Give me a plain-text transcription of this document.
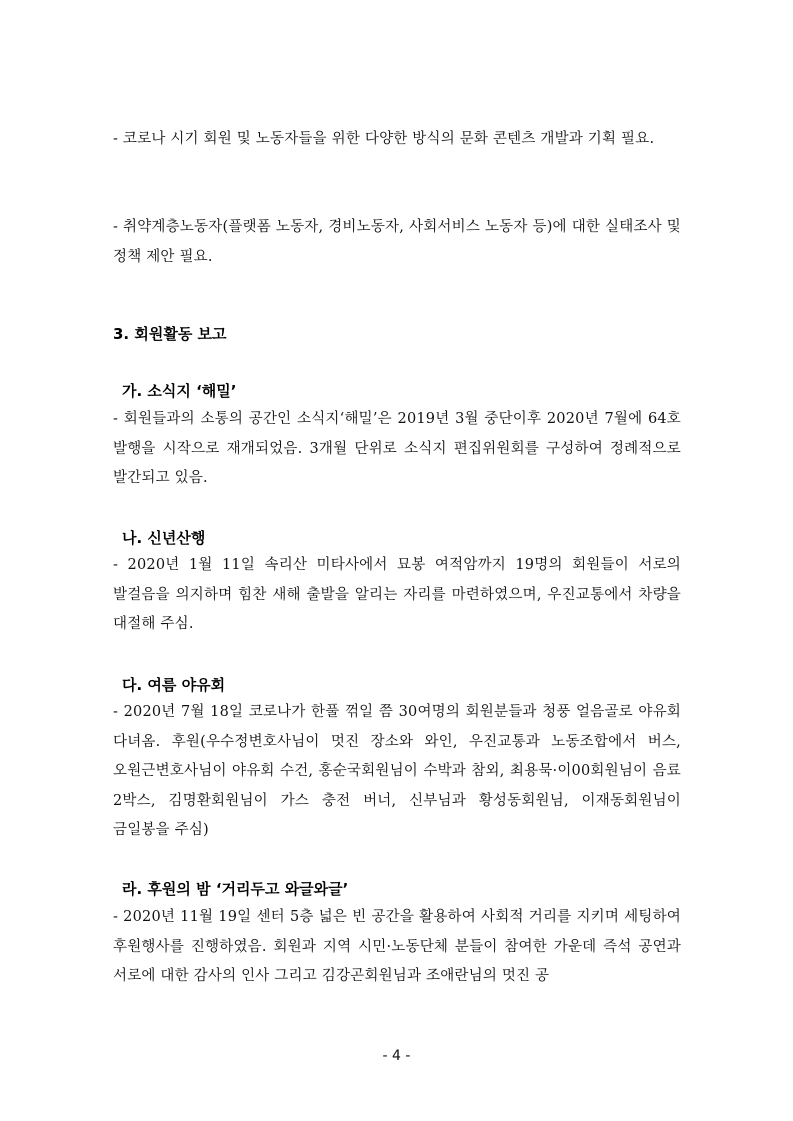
- 코로나 시기 회원 및 노동자들을 위한 다양한 방식의 문화 콘텐츠 개발과 기획 필요.

- 취약계층노동자(플랫폼 노동자, 경비노동자, 사회서비스 노동자 등)에 대한 실태조사 및 정책 제안 필요.

3. 회원활동 보고
가. 소식지 ‘해밀’

- 회원들과의 소통의 공간인 소식지‘해밀’은 2019년 3월 중단이후 2020년 7월에 64호 발행을 시작으로 재개되었음. 3개월 단위로 소식지 편집위원회를 구성하여 정례적으로 발간되고 있음.

나. 신년산행

- 2020년 1월 11일 속리산 미타사에서 묘봉 여적암까지 19명의 회원들이 서로의 발걸음을 의지하며 힘찬 새해 출발을 알리는 자리를 마련하였으며, 우진교통에서 차량을 대절해 주심.

다. 여름 야유회

- 2020년 7월 18일 코로나가 한풀 꺾일 쯤 30여명의 회원분들과 청풍 얼음골로 야유회 다녀옴. 후원(우수정변호사님이 멋진 장소와 와인, 우진교통과 노동조합에서 버스, 오원근변호사님이 야유회 수건, 홍순국회원님이 수박과 참외, 최용묵·이00회원님이 음료 2박스, 김명환회원님이 가스 충전 버너, 신부님과 황성동회원님, 이재동회원님이 금일봉을 주심)

라. 후원의 밤 ‘거리두고 와글와글’

- 2020년 11월 19일 센터 5층 넓은 빈 공간을 활용하여 사회적 거리를 지키며 세팅하여 후원행사를 진행하였음. 회원과 지역 시민·노동단체 분들이 참여한 가운데 즉석 공연과 서로에 대한 감사의 인사 그리고 김강곤회원님과 조애란님의 멋진 공

- 4 -
